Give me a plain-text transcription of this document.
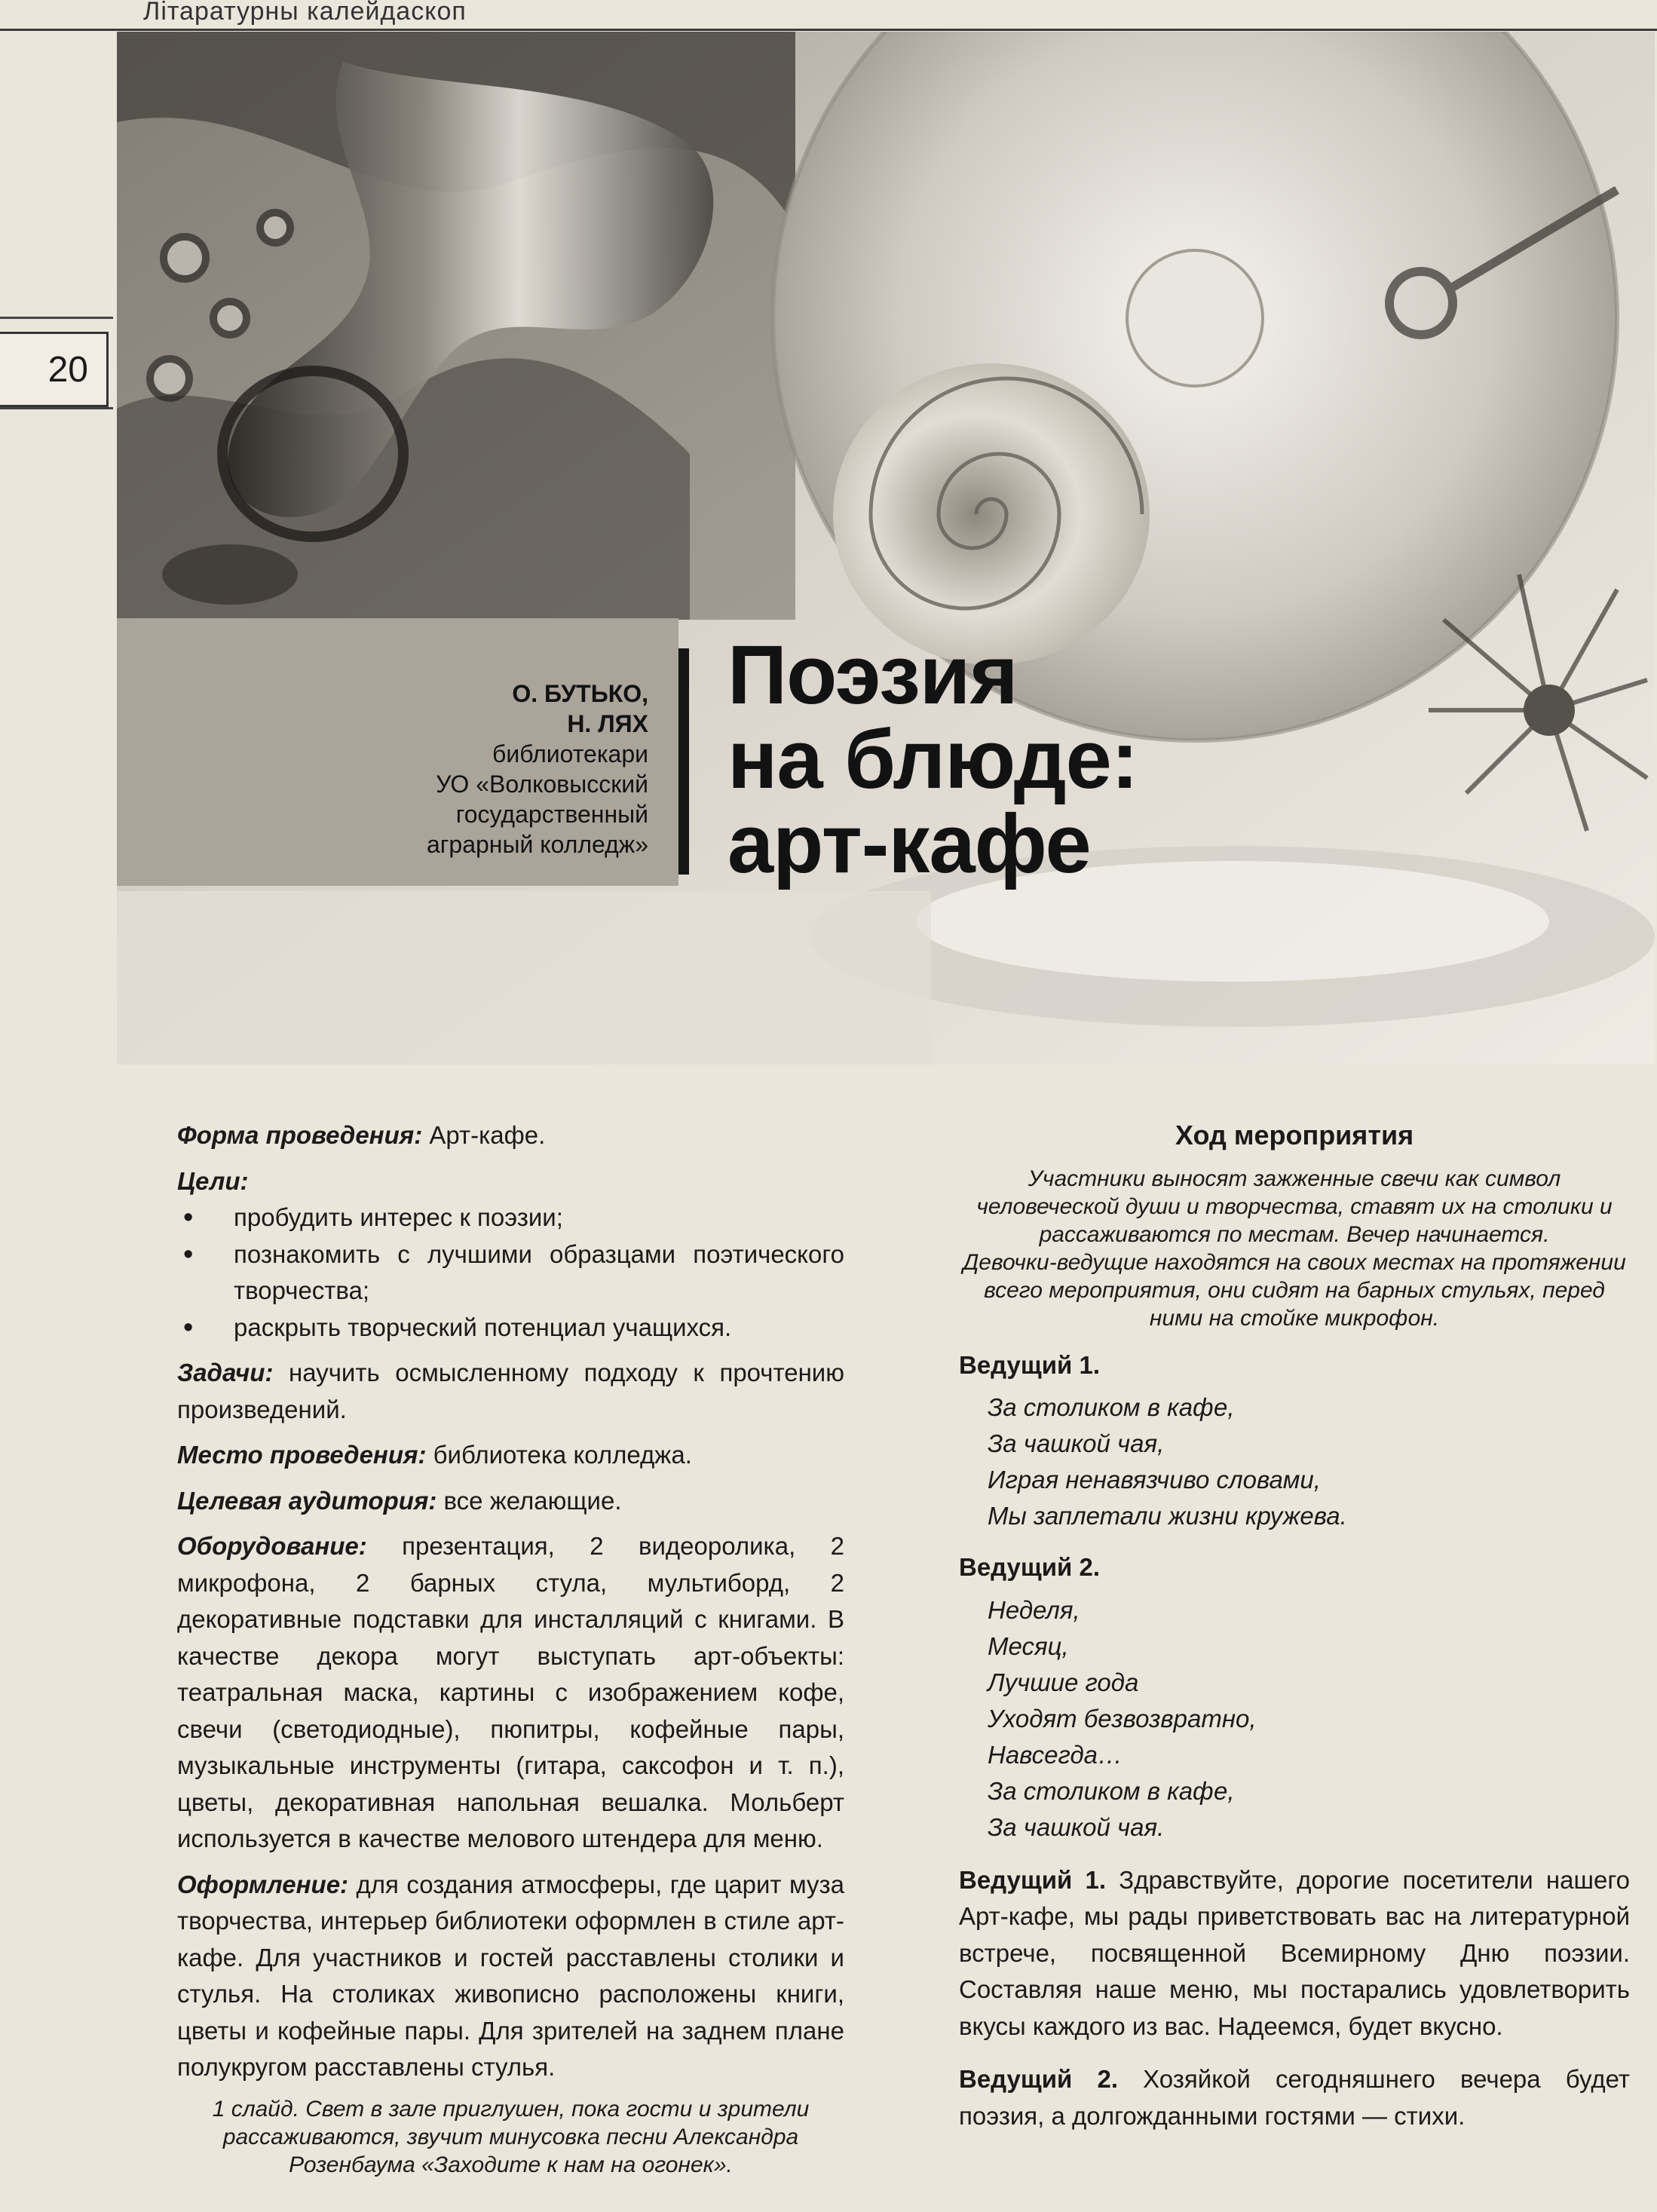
Лiтаратурны калейдаскоп
20
О. БУТЬКО,
Н. ЛЯХ
библиотекари
УО «Волковысский
государственный
аграрный колледж»
Поэзия
на блюде:
арт-кафе

Форма проведения: Арт-кафе.

Цели:

• пробудить интерес к поэзии;
• познакомить с лучшими образцами поэтического творчества;
• раскрыть творческий потенциал учащихся.

Задачи: научить осмысленному подходу к прочтению произведений.

Место проведения: библиотека колледжа.

Целевая аудитория: все желающие.

Оборудование: презентация, 2 видеоролика, 2 микрофона, 2 барных стула, мультиборд, 2 декоративные подставки для инсталляций с книгами. В качестве декора могут выступать арт-объекты: театральная маска, картины с изображением кофе, свечи (светодиодные), пюпитры, кофейные пары, музыкальные инструменты (гитара, саксофон и т. п.), цветы, декоративная напольная вешалка. Мольберт используется в качестве мелового штендера для меню.

Оформление: для создания атмосферы, где царит муза творчества, интерьер библиотеки оформлен в стиле арт-кафе. Для участников и гостей расставлены столики и стулья. На столиках живописно расположены книги, цветы и кофейные пары. Для зрителей на заднем плане полукругом расставлены стулья.

1 слайд. Свет в зале приглушен, пока гости и зрители рассаживаются, звучит минусовка песни Александра Розенбаума «Заходите к нам на огонек».

Ход мероприятия

Участники выносят зажженные свечи как символ человеческой души и творчества, ставят их на столики и рассаживаются по местам. Вечер начинается.

Девочки-ведущие находятся на своих местах на протяжении всего мероприятия, они сидят на барных стульях, перед ними на стойке микрофон.

Ведущий 1.
За столиком в кафе,
За чашкой чая,
Играя ненавязчиво словами,
Мы заплетали жизни кружева.
Ведущий 2.
Неделя,
Месяц,
Лучшие года
Уходят безвозвратно,
Навсегда…
За столиком в кафе,
За чашкой чая.

Ведущий 1. Здравствуйте, дорогие посетители нашего Арт-кафе, мы рады приветствовать вас на литературной встрече, посвященной Всемирному Дню поэзии. Составляя наше меню, мы постарались удовлетворить вкусы каждого из вас. Надеемся, будет вкусно.

Ведущий 2. Хозяйкой сегодняшнего вечера будет поэзия, а долгожданными гостями — стихи.
